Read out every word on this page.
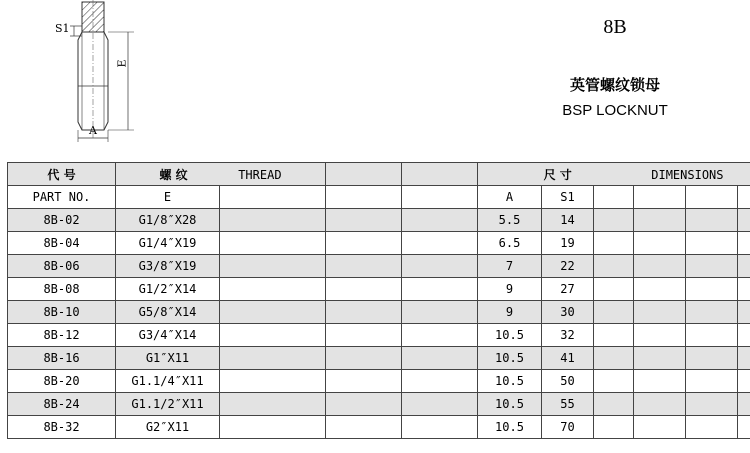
S1
E
A
8B
英管螺纹锁母
BSP LOCKNUT
代 号	螺 纹 THREAD				尺 寸 DIMENSIONS					
PART NO.	E				A	S1				
8B-02	G1/8″X28				5.5	14				
8B-04	G1/4″X19				6.5	19				
8B-06	G3/8″X19				7	22				
8B-08	G1/2″X14				9	27				
8B-10	G5/8″X14				9	30				
8B-12	G3/4″X14				10.5	32				
8B-16	G1″X11				10.5	41				
8B-20	G1.1/4″X11				10.5	50				
8B-24	G1.1/2″X11				10.5	55				
8B-32	G2″X11				10.5	70				
